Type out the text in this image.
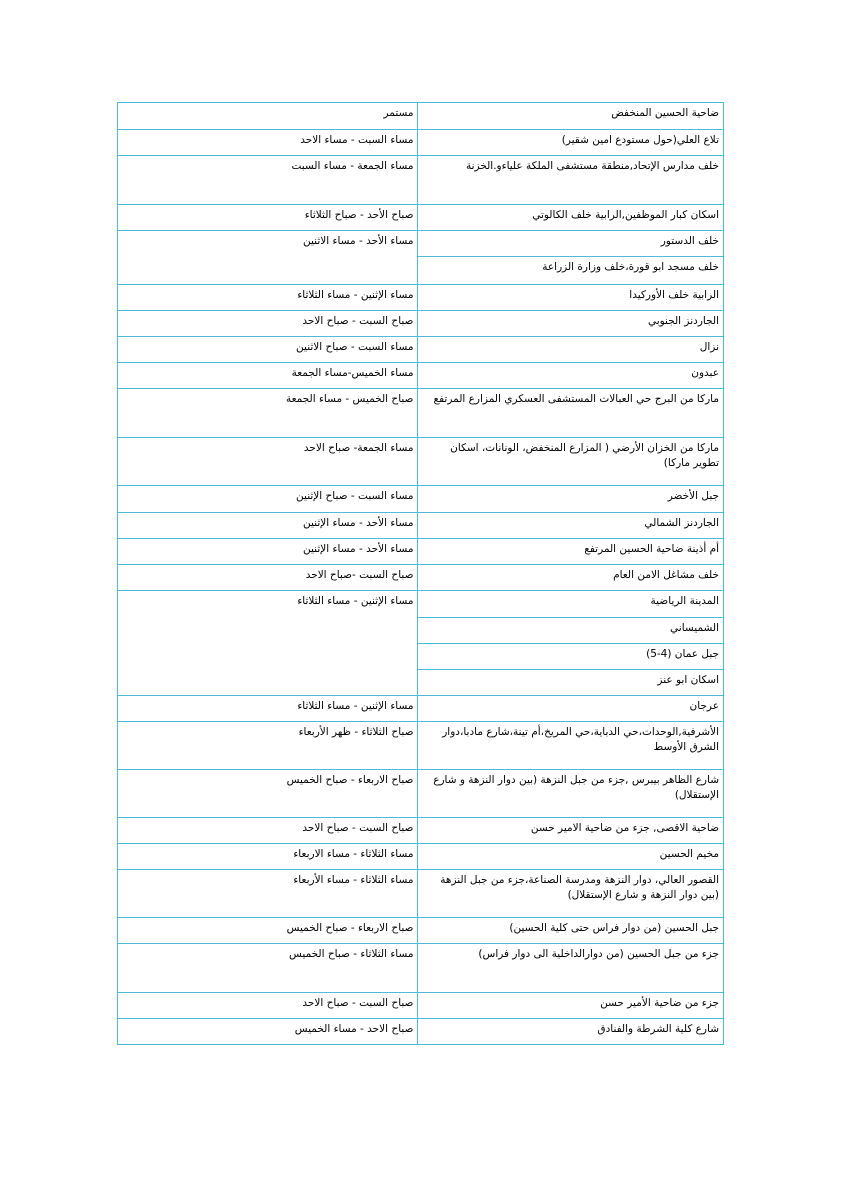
ضاحية الحسين المنخفض	مستمر
تلاع العلي(حول مستودع امين شقير)	مساء السبت - مساء الاحد
خلف مدارس الإتحاد,منطقة مستشفى الملكة علياءو.الخزنة	مساء الجمعة - مساء السبت
اسكان كبار الموظفين,الرابية خلف الكالوتي	صباح الأحد - صباح الثلاثاء
خلف الدستور	مساء الأحد - مساء الاثنين
خلف مسجد ابو قورة،خلف وزارة الزراعة	
الرابية خلف الأوركيدا	مساء الإثنين - مساء الثلاثاء
الجاردنز الجنوبي	صباح السبت - صباح الاحد
نزال	مساء السبت - صباح الاثنين
عبدون	مساء الخميس-مساء الجمعة
ماركا من البرج حي العبالات المستشفى العسكري المزارع المرتفع	صباح الخميس - مساء الجمعة
ماركا من الخزان الأرضي ( المزارع المنخفض، الونانات، اسكان تطوير ماركا)	مساء الجمعة- صباح الاحد
جبل الأخضر	مساء السبت - صباح الإثنين
الجاردنز الشمالي	مساء الأحد - مساء الإثنين
أم أذينة ضاحية الحسين المرتفع	مساء الأحد - مساء الإثنين
خلف مشاغل الامن العام	صباح السبت -صباح الاحد
المدينة الرياضية	مساء الإثنين - مساء الثلاثاء
الشميساني	
جبل عمان (4-5)	
اسكان ابو عنز	
عرجان	مساء الإثنين - مساء الثلاثاء
الأشرفية,الوحدات،حي الدباية،حي المريخ،أم تينة،شارع مادبا،دوار الشرق الأوسط	صباح الثلاثاء - ظهر الأربعاء
شارع الظاهر بيبرس ,جزء من جبل النزهة (بين دوار النزهة و شارع الإستقلال)	صباح الاربعاء - صباح الخميس
ضاحية الاقصى, جزء من ضاحية الامير حسن	صباح السبت - صباح الاحد
مخيم الحسين	مساء الثلاثاء - مساء الاربعاء
القصور العالي، دوار النزهة ومدرسة الصناعة،جزء من جبل النزهة (بين دوار النزهة و شارع الإستقلال)	مساء الثلاثاء - مساء الأربعاء
جبل الحسين (من دوار فراس حتى كلية الحسين)	صباح الاربعاء - صباح الخميس
جزء من جبل الحسين (من دوارالداخلية الى دوار فراس)	مساء الثلاثاء - صباح الخميس
جزء من ضاحية الأمير حسن	صباح السبت - صباح الاحد
شارع كلية الشرطة والفنادق	صباح الاحد - مساء الخميس
